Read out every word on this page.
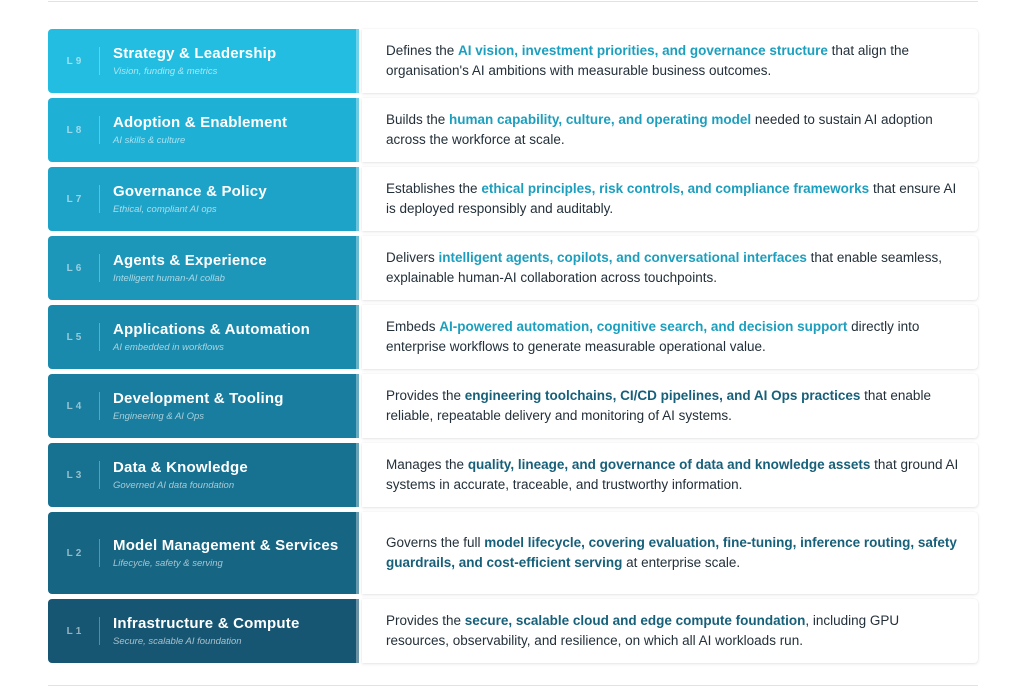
L9	Strategy & Leadership
Vision, funding & metrics

Defines the AI vision, investment priorities, and governance structure that align the organisation's AI ambitions with measurable business outcomes.

L8	Adoption & Enablement
AI skills & culture

Builds the human capability, culture, and operating model needed to sustain AI adoption across the workforce at scale.

L7	Governance & Policy
Ethical, compliant AI ops

Establishes the ethical principles, risk controls, and compliance frameworks that ensure AI is deployed responsibly and auditably.

L6	Agents & Experience
Intelligent human-AI collab

Delivers intelligent agents, copilots, and conversational interfaces that enable seamless, explainable human-AI collaboration across touchpoints.

L5	Applications & Automation
AI embedded in workflows

Embeds AI-powered automation, cognitive search, and decision support directly into enterprise workflows to generate measurable operational value.

L4	Development & Tooling
Engineering & AI Ops

Provides the engineering toolchains, CI/CD pipelines, and AI Ops practices that enable reliable, repeatable delivery and monitoring of AI systems.

L3	Data & Knowledge
Governed AI data foundation

Manages the quality, lineage, and governance of data and knowledge assets that ground AI systems in accurate, traceable, and trustworthy information.

L2	Model Management & Services
Lifecycle, safety & serving

Governs the full model lifecycle, covering evaluation, fine-tuning, inference routing, safety guardrails, and cost-efficient serving at enterprise scale.

L1	Infrastructure & Compute
Secure, scalable AI foundation

Provides the secure, scalable cloud and edge compute foundation, including GPU resources, observability, and resilience, on which all AI workloads run.
